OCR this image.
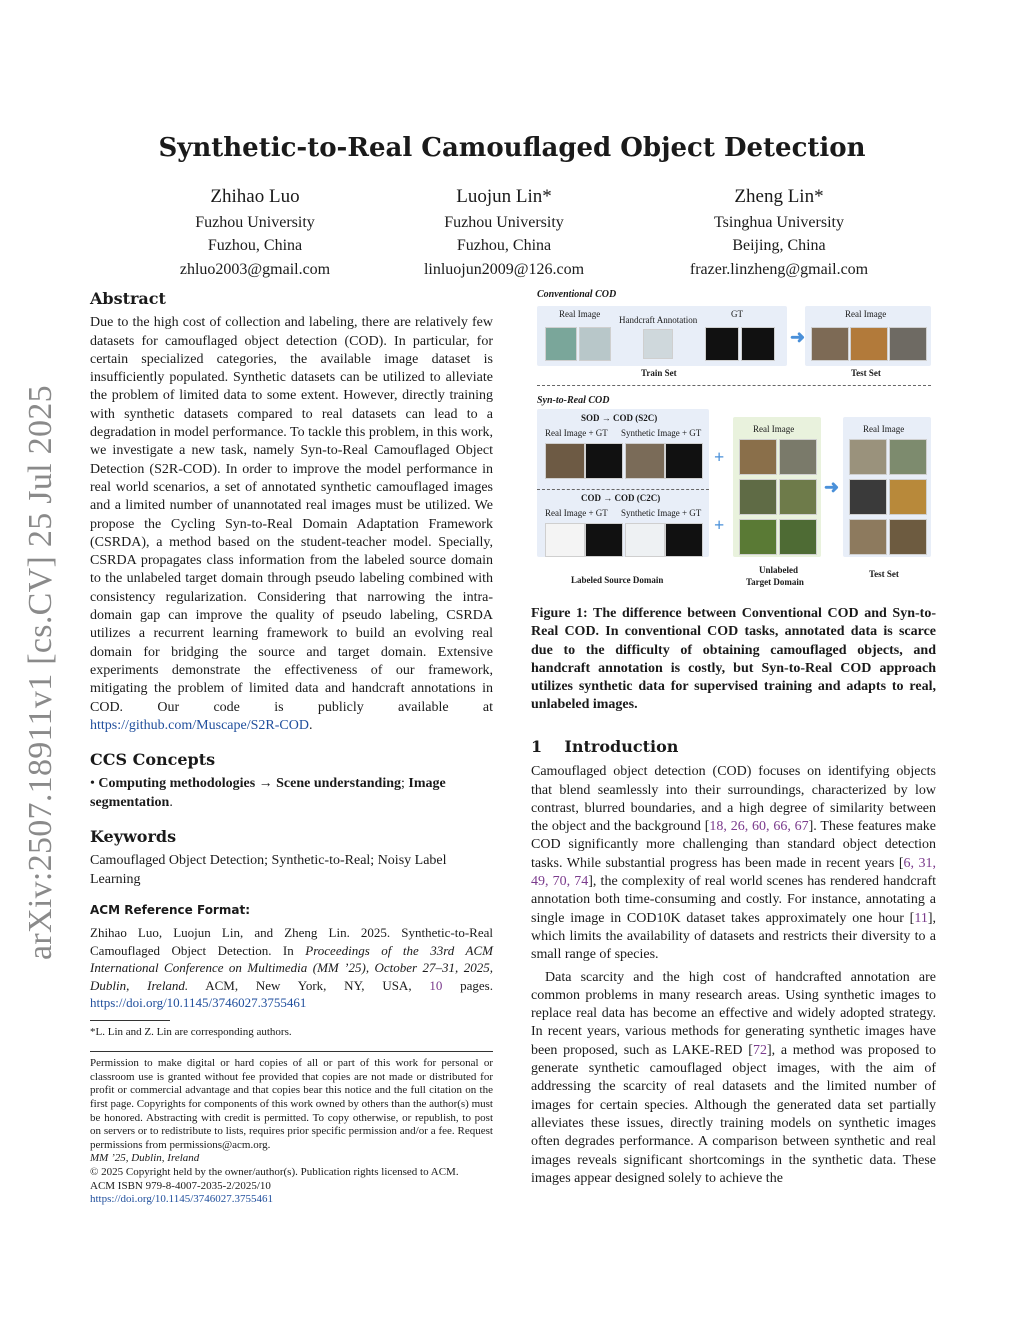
arXiv:2507.18911v1 [cs.CV] 25 Jul 2025
Synthetic-to-Real Camouflaged Object Detection
Zhihao Luo
Fuzhou University
Fuzhou, China
zhluo2003@gmail.com
Luojun Lin*
Fuzhou University
Fuzhou, China
linluojun2009@126.com
Zheng Lin*
Tsinghua University
Beijing, China
frazer.linzheng@gmail.com
Abstract

Due to the high cost of collection and labeling, there are relatively few datasets for camouflaged object detection (COD). In particular, for certain specialized categories, the available image dataset is insufficiently populated. Synthetic datasets can be utilized to alleviate the problem of limited data to some extent. However, directly training with synthetic datasets compared to real datasets can lead to a degradation in model performance. To tackle this problem, in this work, we investigate a new task, namely Syn-to-Real Camouflaged Object Detection (S2R-COD). In order to improve the model performance in real world scenarios, a set of annotated synthetic camouflaged images and a limited number of unannotated real images must be utilized. We propose the Cycling Syn-to-Real Domain Adaptation Framework (CSRDA), a method based on the student-teacher model. Specially, CSRDA propagates class information from the labeled source domain to the unlabeled target domain through pseudo labeling combined with consistency regularization. Considering that narrowing the intra-domain gap can improve the quality of pseudo labeling, CSRDA utilizes a recurrent learning framework to build an evolving real domain for bridging the source and target domain. Extensive experiments demonstrate the effectiveness of our framework, mitigating the problem of limited data and handcraft annotations in COD. Our code is publicly available at https://github.com/Muscape/S2R-COD.

CCS Concepts

• Computing methodologies → Scene understanding; Image segmentation.

Keywords

Camouflaged Object Detection; Synthetic-to-Real; Noisy Label Learning

ACM Reference Format:

Zhihao Luo, Luojun Lin, and Zheng Lin. 2025. Synthetic-to-Real Camouflaged Object Detection. In Proceedings of the 33rd ACM International Conference on Multimedia (MM ’25), October 27–31, 2025, Dublin, Ireland. ACM, New York, NY, USA, 10 pages. https://doi.org/10.1145/3746027.3755461

*L. Lin and Z. Lin are corresponding authors.

Permission to make digital or hard copies of all or part of this work for personal or classroom use is granted without fee provided that copies are not made or distributed for profit or commercial advantage and that copies bear this notice and the full citation on the first page. Copyrights for components of this work owned by others than the author(s) must be honored. Abstracting with credit is permitted. To copy otherwise, or republish, to post on servers or to redistribute to lists, requires prior specific permission and/or a fee. Request permissions from permissions@acm.org.

MM ’25, Dublin, Ireland

© 2025 Copyright held by the owner/author(s). Publication rights licensed to ACM.

ACM ISBN 979-8-4007-2035-2/2025/10

https://doi.org/10.1145/3746027.3755461

Conventional COD
Real Image
Handcraft Annotation
GT
➜
Real Image
Train Set	Test Set
Syn-to-Real COD
SOD → COD (S2C)
Real Image + GT Synthetic Image + GT
COD → COD (C2C)
Real Image + GT Synthetic Image + GT
Labeled Source Domain
+
+
Real Image
Unlabeled
Target Domain
➜
Real Image
Test Set
Figure 1: The difference between Conventional COD and Syn-to-Real COD. In conventional COD tasks, annotated data is scarce due to the difficulty of obtaining camouflaged objects, and handcraft annotation is costly, but Syn-to-Real COD approach utilizes synthetic data for supervised training and adapts to real, unlabeled images.
1 Introduction

Camouflaged object detection (COD) focuses on identifying objects that blend seamlessly into their surroundings, characterized by low contrast, blurred boundaries, and a high degree of similarity between the object and the background [18, 26, 60, 66, 67]. These features make COD significantly more challenging than standard object detection tasks. While substantial progress has been made in recent years [6, 31, 49, 70, 74], the complexity of real world scenes has rendered handcraft annotation both time-consuming and costly. For instance, annotating a single image in COD10K dataset takes approximately one hour [11], which limits the availability of datasets and restricts their diversity to a small range of species.

Data scarcity and the high cost of handcrafted annotation are common problems in many research areas. Using synthetic images to replace real data has become an effective and widely adopted strategy. In recent years, various methods for generating synthetic images have been proposed, such as LAKE-RED [72], a method was proposed to generate synthetic camouflaged object images, with the aim of addressing the scarcity of real datasets and the limited number of images for certain species. Although the generated data set partially alleviates these issues, directly training models on synthetic images often degrades performance. A comparison between synthetic and real images reveals significant shortcomings in the synthetic data. These images appear designed solely to achieve the
